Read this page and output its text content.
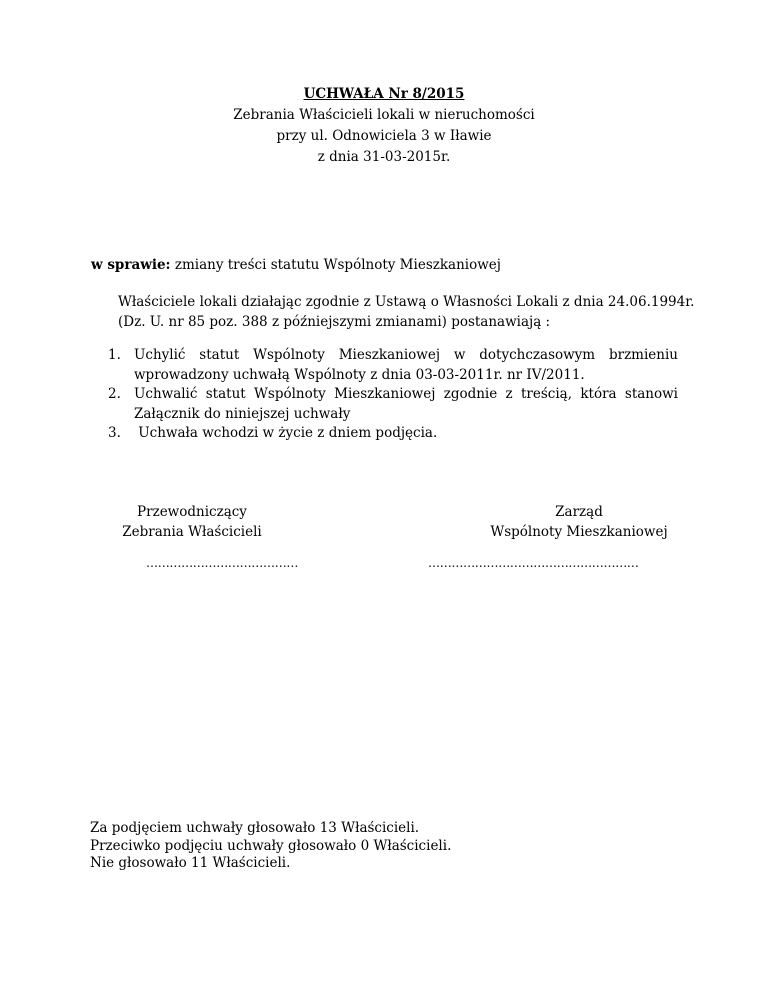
UCHWAŁA Nr 8/2015
Zebrania Właścicieli lokali w nieruchomości
przy ul. Odnowiciela 3 w Iławie
z dnia 31-03-2015r.
w sprawie: zmiany treści statutu Wspólnoty Mieszkaniowej
Właściciele lokali działając zgodnie z Ustawą o Własności Lokali z dnia 24.06.1994r.
(Dz. U. nr 85 poz. 388 z późniejszymi zmianami) postanawiają :
1. Uchylić statut Wspólnoty Mieszkaniowej w dotychczasowym brzmieniu
wprowadzony uchwałą Wspólnoty z dnia 03-03-2011r. nr IV/2011.
2. Uchwalić statut Wspólnoty Mieszkaniowej zgodnie z treścią, która stanowi
Załącznik do niniejszej uchwały
3. Uchwała wchodzi w życie z dniem podjęcia.
Przewodniczący
Zebrania Właścicieli
…………………………………
Zarząd
Wspólnoty Mieszkaniowej
………………………………………………
Za podjęciem uchwały głosowało 13 Właścicieli.
Przeciwko podjęciu uchwały głosowało 0 Właścicieli.
Nie głosowało 11 Właścicieli.
